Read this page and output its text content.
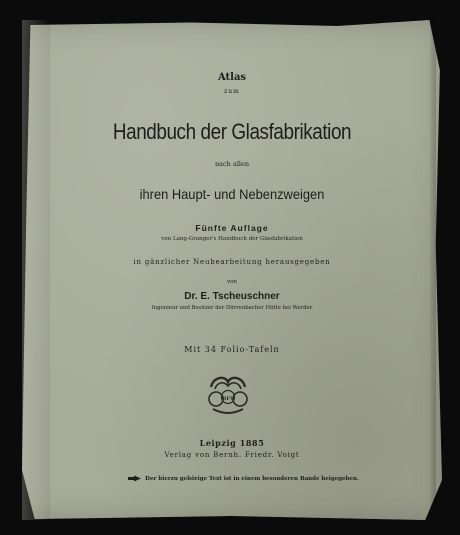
Atlas
zum
Handbuch der Glasfabrikation
nach allen
ihren Haupt- und Nebenzweigen
Fünfte Auflage
von Lang-Granger's Handbuch der Glasfabrikation
in gänzlicher Neubearbeitung herausgegeben
von
Dr. E. Tscheuschner
Ingenieur und Besitzer der Dürrenbacher Hütte bei Werder
Mit 34 Folio-Tafeln
BFV
Leipzig 1885
Verlag von Bernh. Friedr. Voigt
Der hierzu gehörige Text ist in einem besonderen Bande beigegeben.
